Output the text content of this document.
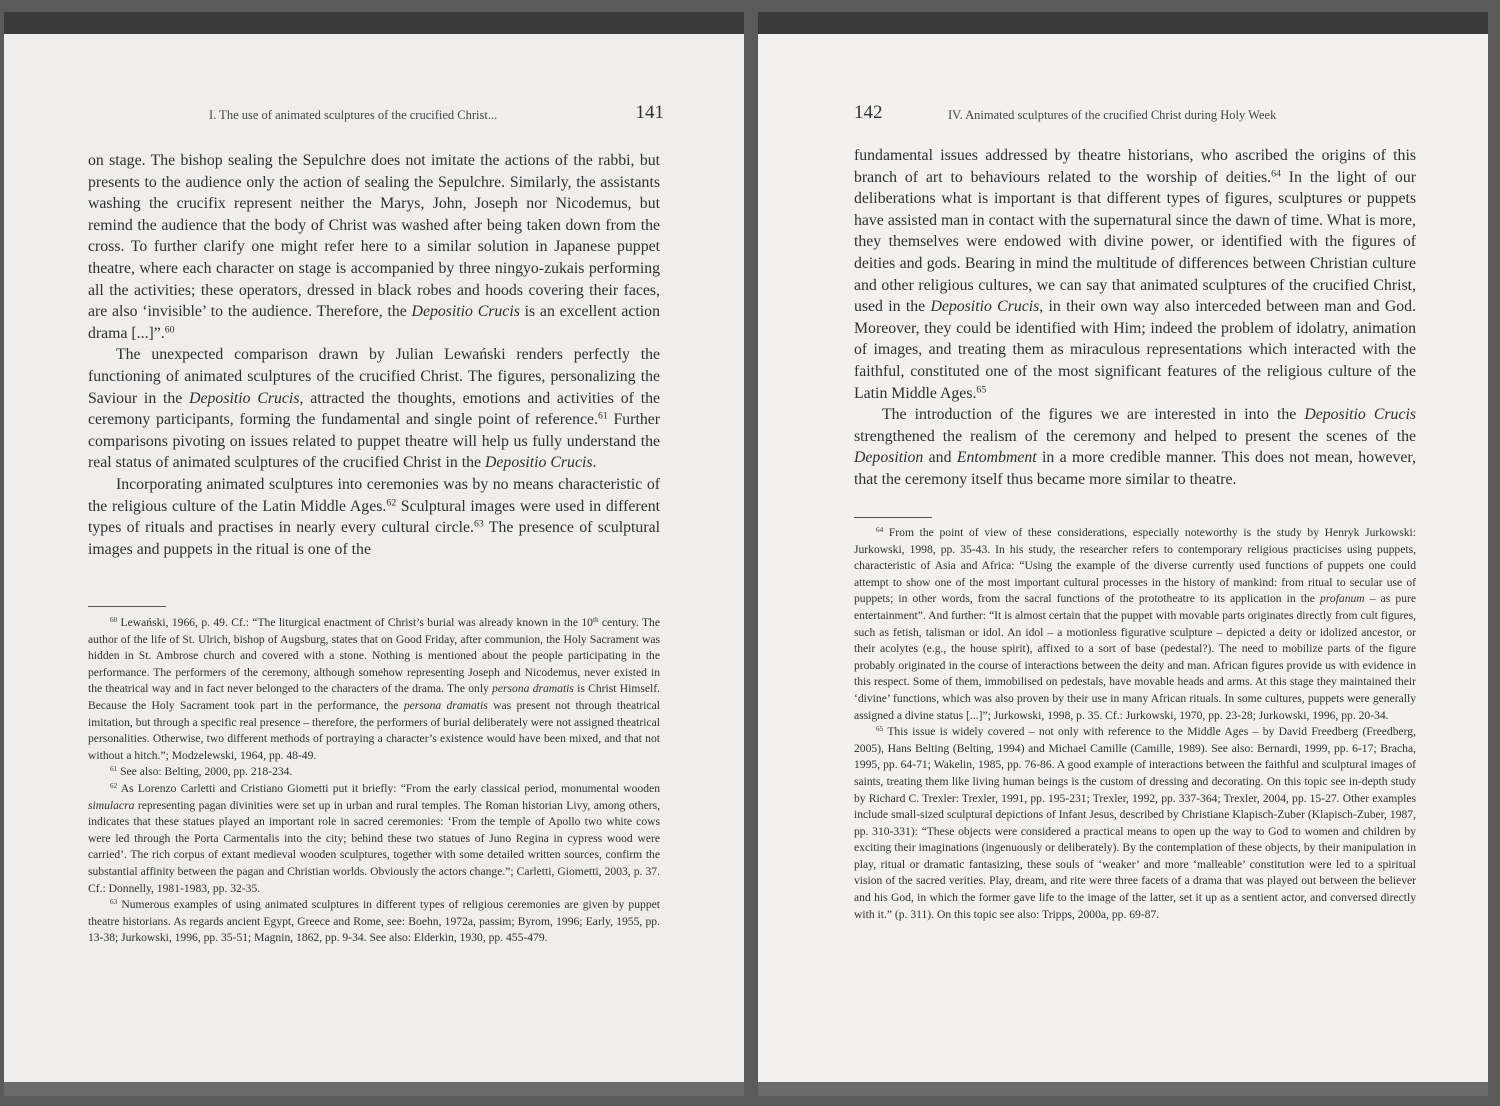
I. The use of animated sculptures of the crucified Christ...	141

on stage. The bishop sealing the Sepulchre does not imitate the actions of the rabbi, but presents to the audience only the action of sealing the Sepulchre. Similarly, the assistants washing the crucifix represent neither the Marys, John, Joseph nor Nicodemus, but remind the audience that the body of Christ was washed after being taken down from the cross. To further clarify one might refer here to a similar solution in Japanese puppet theatre, where each character on stage is accompanied by three ningyo-zukais performing all the activities; these operators, dressed in black robes and hoods covering their faces, are also ‘invisible’ to the audience. Therefore, the Depositio Crucis is an excellent action drama [...]”.$^{60}$

The unexpected comparison drawn by Julian Lewański renders perfectly the functioning of animated sculptures of the crucified Christ. The figures, personalizing the Saviour in the Depositio Crucis, attracted the thoughts, emotions and activities of the ceremony participants, forming the fundamental and single point of reference.$^{61}$ Further comparisons pivoting on issues related to puppet theatre will help us fully understand the real status of animated sculptures of the crucified Christ in the Depositio Crucis.

Incorporating animated sculptures into ceremonies was by no means characteristic of the religious culture of the Latin Middle Ages.$^{62}$ Sculptural images were used in different types of rituals and practises in nearly every cultural circle.$^{63}$ The presence of sculptural images and puppets in the ritual is one of the

$^{60}$ Lewański, 1966, p. 49. Cf.: “The liturgical enactment of Christ’s burial was already known in the 10th century. The author of the life of St. Ulrich, bishop of Augsburg, states that on Good Friday, after communion, the Holy Sacrament was hidden in St. Ambrose church and covered with a stone. Nothing is mentioned about the people participating in the performance. The performers of the ceremony, although somehow representing Joseph and Nicodemus, never existed in the theatrical way and in fact never belonged to the characters of the drama. The only persona dramatis is Christ Himself. Because the Holy Sacrament took part in the performance, the persona dramatis was present not through theatrical imitation, but through a specific real presence – therefore, the performers of burial deliberately were not assigned theatrical personalities. Otherwise, two different methods of portraying a character’s existence would have been mixed, and that not without a hitch.”; Modzelewski, 1964, pp. 48-49.

$^{61}$ See also: Belting, 2000, pp. 218-234.

$^{62}$ As Lorenzo Carletti and Cristiano Giometti put it briefly: “From the early classical period, monumental wooden simulacra representing pagan divinities were set up in urban and rural temples. The Roman historian Livy, among others, indicates that these statues played an important role in sacred ceremonies: ‘From the temple of Apollo two white cows were led through the Porta Carmentalis into the city; behind these two statues of Juno Regina in cypress wood were carried’. The rich corpus of extant medieval wooden sculptures, together with some detailed written sources, confirm the substantial affinity between the pagan and Christian worlds. Obviously the actors change.”; Carletti, Giometti, 2003, p. 37. Cf.: Donnelly, 1981-1983, pp. 32-35.

$^{63}$ Numerous examples of using animated sculptures in different types of religious ceremonies are given by puppet theatre historians. As regards ancient Egypt, Greece and Rome, see: Boehn, 1972a, passim; Byrom, 1996; Early, 1955, pp. 13-38; Jurkowski, 1996, pp. 35-51; Magnin, 1862, pp. 9-34. See also: Elderkin, 1930, pp. 455-479.

142	IV. Animated sculptures of the crucified Christ during Holy Week

fundamental issues addressed by theatre historians, who ascribed the origins of this branch of art to behaviours related to the worship of deities.$^{64}$ In the light of our deliberations what is important is that different types of figures, sculptures or puppets have assisted man in contact with the supernatural since the dawn of time. What is more, they themselves were endowed with divine power, or identified with the figures of deities and gods. Bearing in mind the multitude of differences between Christian culture and other religious cultures, we can say that animated sculptures of the crucified Christ, used in the Depositio Crucis, in their own way also interceded between man and God. Moreover, they could be identified with Him; indeed the problem of idolatry, animation of images, and treating them as miraculous representations which interacted with the faithful, constituted one of the most significant features of the religious culture of the Latin Middle Ages.$^{65}$

The introduction of the figures we are interested in into the Depositio Crucis strengthened the realism of the ceremony and helped to present the scenes of the Deposition and Entombment in a more credible manner. This does not mean, however, that the ceremony itself thus became more similar to theatre.

$^{64}$ From the point of view of these considerations, especially noteworthy is the study by Henryk Jurkowski: Jurkowski, 1998, pp. 35-43. In his study, the researcher refers to contemporary religious practicises using puppets, characteristic of Asia and Africa: “Using the example of the diverse currently used functions of puppets one could attempt to show one of the most important cultural processes in the history of mankind: from ritual to secular use of puppets; in other words, from the sacral functions of the prototheatre to its application in the profanum – as pure entertainment”. And further: “It is almost certain that the puppet with movable parts originates directly from cult figures, such as fetish, talisman or idol. An idol – a motionless figurative sculpture – depicted a deity or idolized ancestor, or their acolytes (e.g., the house spirit), affixed to a sort of base (pedestal?). The need to mobilize parts of the figure probably originated in the course of interactions between the deity and man. African figures provide us with evidence in this respect. Some of them, immobilised on pedestals, have movable heads and arms. At this stage they maintained their ‘divine’ functions, which was also proven by their use in many African rituals. In some cultures, puppets were generally assigned a divine status [...]”; Jurkowski, 1998, p. 35. Cf.: Jurkowski, 1970, pp. 23-28; Jurkowski, 1996, pp. 20-34.

$^{65}$ This issue is widely covered – not only with reference to the Middle Ages – by David Freedberg (Freedberg, 2005), Hans Belting (Belting, 1994) and Michael Camille (Camille, 1989). See also: Bernardi, 1999, pp. 6-17; Bracha, 1995, pp. 64-71; Wakelin, 1985, pp. 76-86. A good example of interactions between the faithful and sculptural images of saints, treating them like living human beings is the custom of dressing and decorating. On this topic see in-depth study by Richard C. Trexler: Trexler, 1991, pp. 195-231; Trexler, 1992, pp. 337-364; Trexler, 2004, pp. 15-27. Other examples include small-sized sculptural depictions of Infant Jesus, described by Christiane Klapisch-Zuber (Klapisch-Zuber, 1987, pp. 310-331): “These objects were considered a practical means to open up the way to God to women and children by exciting their imaginations (ingenuously or deliberately). By the contemplation of these objects, by their manipulation in play, ritual or dramatic fantasizing, these souls of ‘weaker’ and more ‘malleable’ constitution were led to a spiritual vision of the sacred verities. Play, dream, and rite were three facets of a drama that was played out between the believer and his God, in which the former gave life to the image of the latter, set it up as a sentient actor, and conversed directly with it.” (p. 311). On this topic see also: Tripps, 2000a, pp. 69-87.
